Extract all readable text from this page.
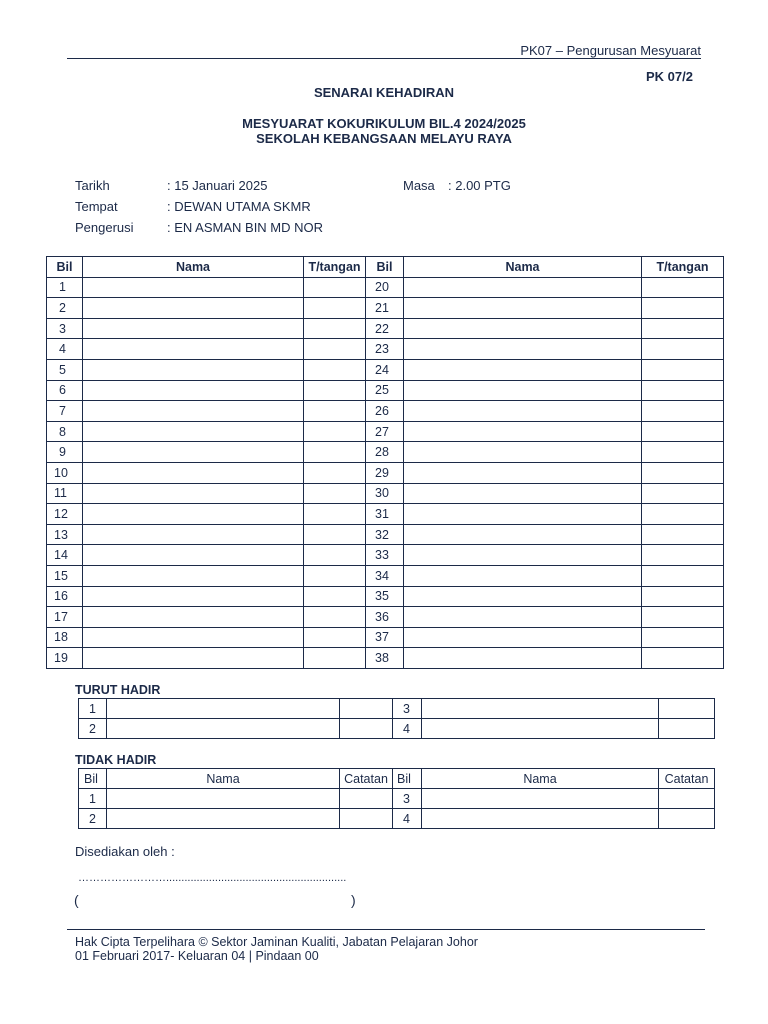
PK07 – Pengurusan Mesyuarat
PK 07/2
SENARAI KEHADIRAN
MESYUARAT KOKURIKULUM BIL.4 2024/2025
SEKOLAH KEBANGSAAN MELAYU RAYA
Tarikh	: 15 Januari 2025	Masa : 2.00 PTG
Tempat	: DEWAN UTAMA SKMR
Pengerusi	: EN ASMAN BIN MD NOR
Bil	Nama	T/tangan	Bil	Nama	T/tangan
1			20		
2			21		
3			22		
4			23		
5			24		
6			25		
7			26		
8			27		
9			28		
10			29		
11			30		
12			31		
13			32		
14			33		
15			34		
16			35		
17			36		
18			37		
19			38		
TURUT HADIR
1			3		
2			4		
TIDAK HADIR
Bil	Nama	Catatan	Bil	Nama	Catatan
1			3		
2			4		
Disediakan oleh :
……………………...........................................................
(	)
Hak Cipta Terpelihara © Sektor Jaminan Kualiti, Jabatan Pelajaran Johor
01 Februari 2017- Keluaran 04 | Pindaan 00
